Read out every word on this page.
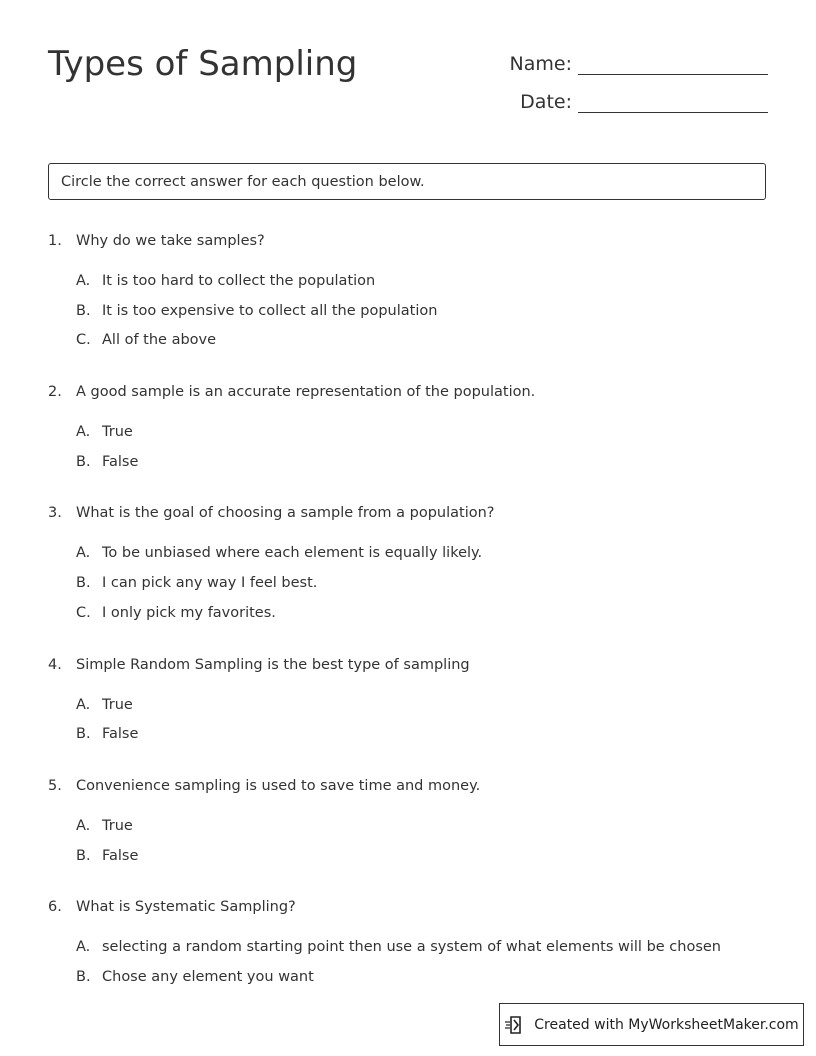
Types of Sampling	Name:
Date:
Circle the correct answer for each question below.
1. Why do we take samples?
A. It is too hard to collect the population
B. It is too expensive to collect all the population
C. All of the above
2. A good sample is an accurate representation of the population.
A. True
B. False
3. What is the goal of choosing a sample from a population?
A. To be unbiased where each element is equally likely.
B. I can pick any way I feel best.
C. I only pick my favorites.
4. Simple Random Sampling is the best type of sampling
A. True
B. False
5. Convenience sampling is used to save time and money.
A. True
B. False
6. What is Systematic Sampling?
A. selecting a random starting point then use a system of what elements will be chosen
B. Chose any element you want
Created with MyWorksheetMaker.com
